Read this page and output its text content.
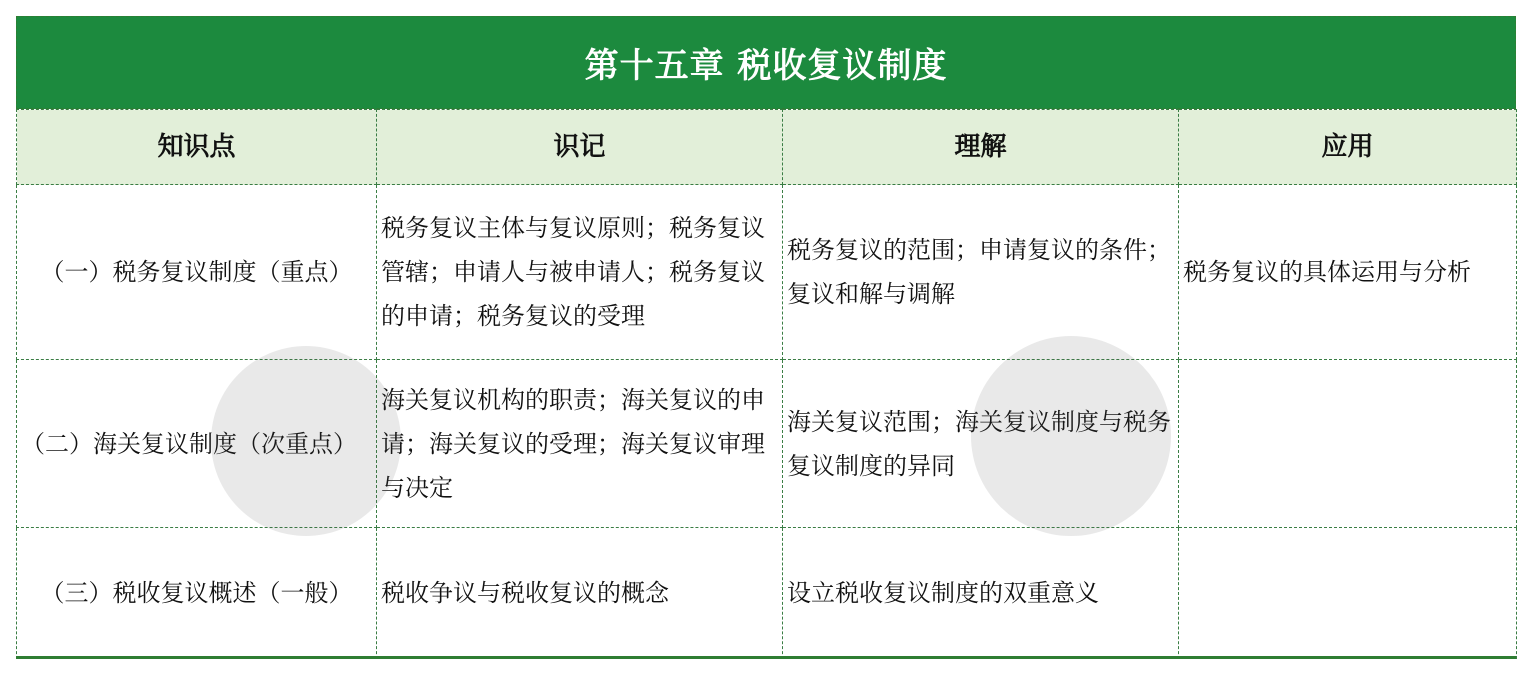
第十五章 税收复议制度
知识点	识记	理解	应用
（一）税务复议制度（重点）	税务复议主体与复议原则；税务复议管辖；申请人与被申请人；税务复议的申请；税务复议的受理	税务复议的范围；申请复议的条件；复议和解与调解	税务复议的具体运用与分析
（二）海关复议制度（次重点）	海关复议机构的职责；海关复议的申请；海关复议的受理；海关复议审理与决定	海关复议范围；海关复议制度与税务复议制度的异同	
（三）税收复议概述（一般）	税收争议与税收复议的概念	设立税收复议制度的双重意义	
